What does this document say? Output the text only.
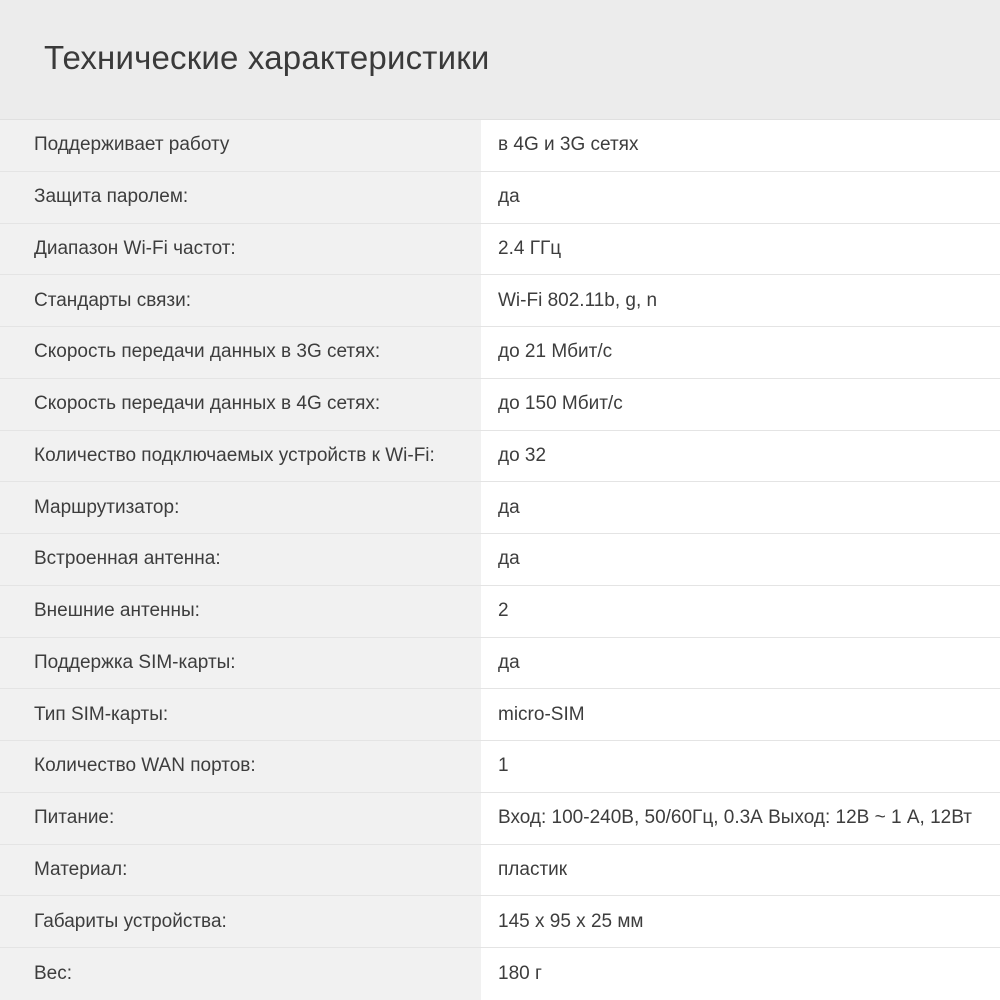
Технические характеристики
Поддерживает работу	в 4G и 3G сетях
Защита паролем:	да
Диапазон Wi-Fi частот:	2.4 ГГц
Стандарты связи:	Wi-Fi 802.11b, g, n
Скорость передачи данных в 3G сетях:	до 21 Мбит/с
Скорость передачи данных в 4G сетях:	до 150 Мбит/с
Количество подключаемых устройств к Wi-Fi:	до 32
Маршрутизатор:	да
Встроенная антенна:	да
Внешние антенны:	2
Поддержка SIM-карты:	да
Тип SIM-карты:	micro-SIM
Количество WAN портов:	1
Питание:	Вход: 100-240В, 50/60Гц, 0.3А Выход: 12В ~ 1 А, 12Вт
Материал:	пластик
Габариты устройства:	145 x 95 x 25 мм
Вес:	180 г
